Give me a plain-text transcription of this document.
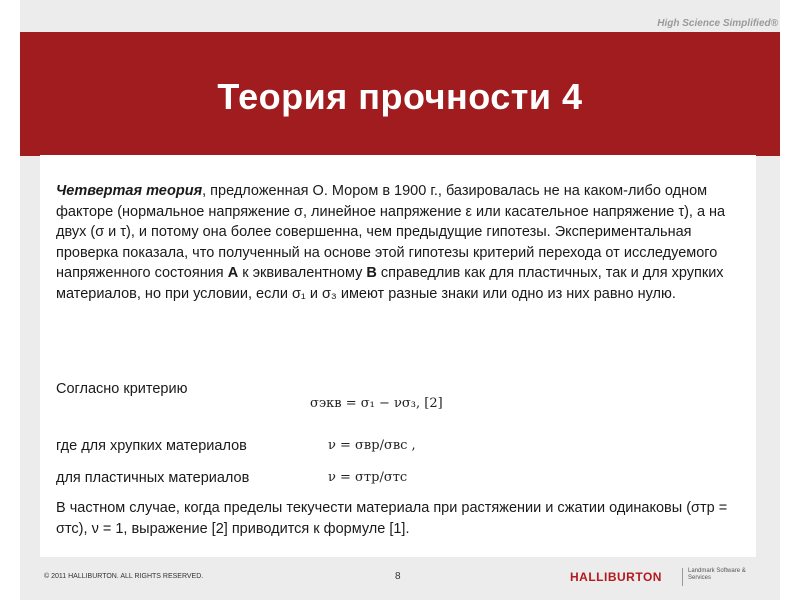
High Science Simplified®
Теория прочности 4
Четвертая теория, предложенная О. Мором в 1900 г., базировалась не на каком-либо одном факторе (нормальное напряжение σ, линейное напряжение ε или касательное напряжение τ), а на двух (σ и τ), и потому она более совершенна, чем предыдущие гипотезы. Экспериментальная проверка показала, что полученный на основе этой гипотезы критерий перехода от исследуемого напряженного состояния А к эквивалентному В справедлив как для пластичных, так и для хрупких материалов, но при условии, если σ₁ и σ₃ имеют разные знаки или одно из них равно нулю.
Согласно критерию
σэкв = σ₁ − νσ₃, [2]
где для хрупких материалов	ν = σвр/σвс ,
для пластичных материалов	ν = σтр/σтс
В частном случае, когда пределы текучести материала при растяжении и сжатии одинаковы (σтр = σтс), ν = 1, выражение [2] приводится к формуле [1].
© 2011 HALLIBURTON. ALL RIGHTS RESERVED.	8	HALLIBURTON	Landmark Software & Services
